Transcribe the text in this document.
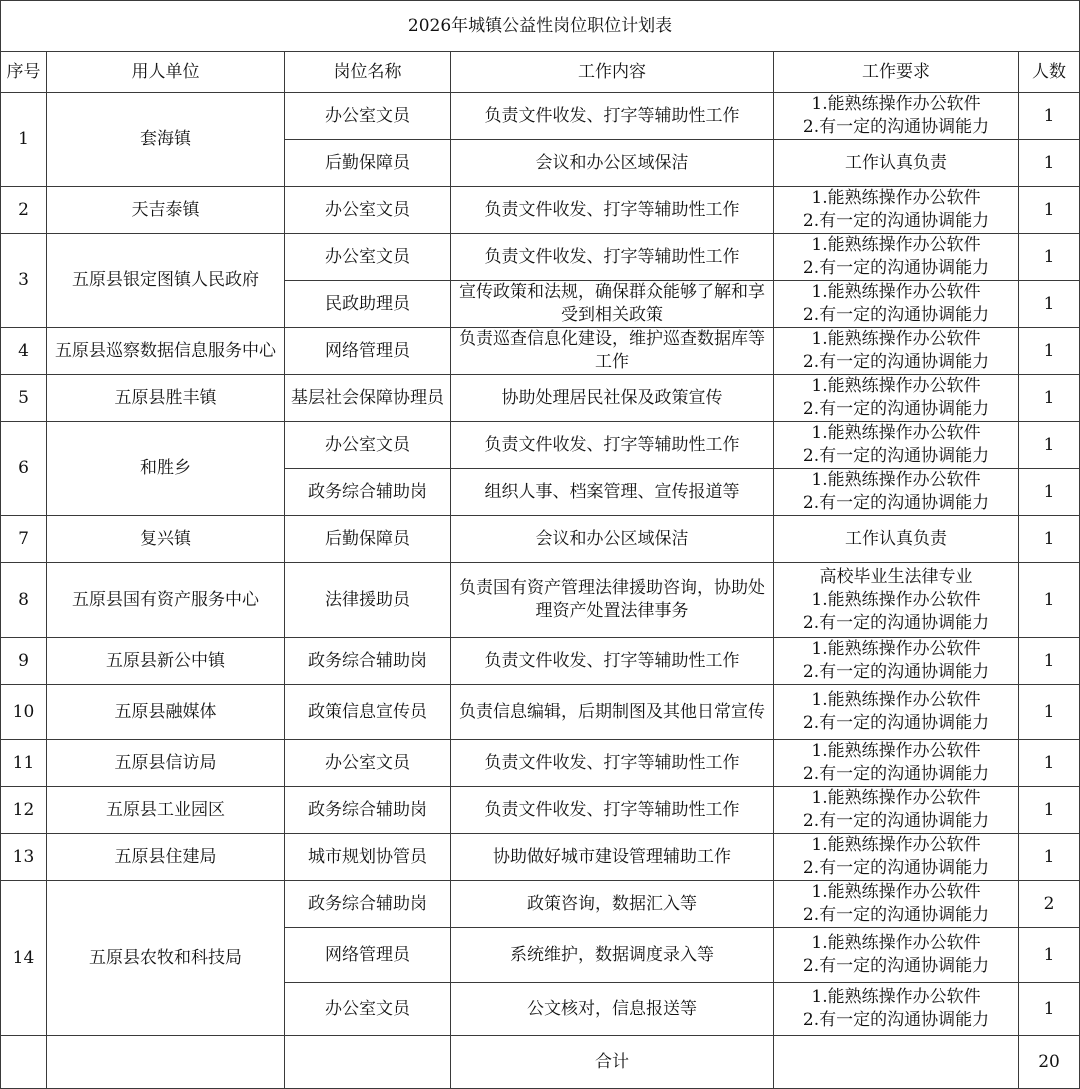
2026年城镇公益性岗位职位计划表					
序号	用人单位	岗位名称	工作内容	工作要求	人数
1	套海镇	办公室文员	负责文件收发、打字等辅助性工作	1.能熟练操作办公软件
2.有一定的沟通协调能力	1
		后勤保障员	会议和办公区域保洁	工作认真负责	1
2	天吉泰镇	办公室文员	负责文件收发、打字等辅助性工作	1.能熟练操作办公软件
2.有一定的沟通协调能力	1
3	五原县银定图镇人民政府	办公室文员	负责文件收发、打字等辅助性工作	1.能熟练操作办公软件
2.有一定的沟通协调能力	1
		民政助理员	宣传政策和法规，确保群众能够了解和享受到相关政策	1.能熟练操作办公软件
2.有一定的沟通协调能力	1
4	五原县巡察数据信息服务中心	网络管理员	负责巡查信息化建设，维护巡查数据库等工作	1.能熟练操作办公软件
2.有一定的沟通协调能力	1
5	五原县胜丰镇	基层社会保障协理员	协助处理居民社保及政策宣传	1.能熟练操作办公软件
2.有一定的沟通协调能力	1
6	和胜乡	办公室文员	负责文件收发、打字等辅助性工作	1.能熟练操作办公软件
2.有一定的沟通协调能力	1
		政务综合辅助岗	组织人事、档案管理、宣传报道等	1.能熟练操作办公软件
2.有一定的沟通协调能力	1
7	复兴镇	后勤保障员	会议和办公区域保洁	工作认真负责	1
8	五原县国有资产服务中心	法律援助员	负责国有资产管理法律援助咨询，协助处理资产处置法律事务	高校毕业生法律专业
1.能熟练操作办公软件
2.有一定的沟通协调能力	1
9	五原县新公中镇	政务综合辅助岗	负责文件收发、打字等辅助性工作	1.能熟练操作办公软件
2.有一定的沟通协调能力	1
10	五原县融媒体	政策信息宣传员	负责信息编辑，后期制图及其他日常宣传	1.能熟练操作办公软件
2.有一定的沟通协调能力	1
11	五原县信访局	办公室文员	负责文件收发、打字等辅助性工作	1.能熟练操作办公软件
2.有一定的沟通协调能力	1
12	五原县工业园区	政务综合辅助岗	负责文件收发、打字等辅助性工作	1.能熟练操作办公软件
2.有一定的沟通协调能力	1
13	五原县住建局	城市规划协管员	协助做好城市建设管理辅助工作	1.能熟练操作办公软件
2.有一定的沟通协调能力	1
14	五原县农牧和科技局	政务综合辅助岗	政策咨询，数据汇入等	1.能熟练操作办公软件
2.有一定的沟通协调能力	2
		网络管理员	系统维护，数据调度录入等	1.能熟练操作办公软件
2.有一定的沟通协调能力	1
		办公室文员	公文核对，信息报送等	1.能熟练操作办公软件
2.有一定的沟通协调能力	1
			合计		20
